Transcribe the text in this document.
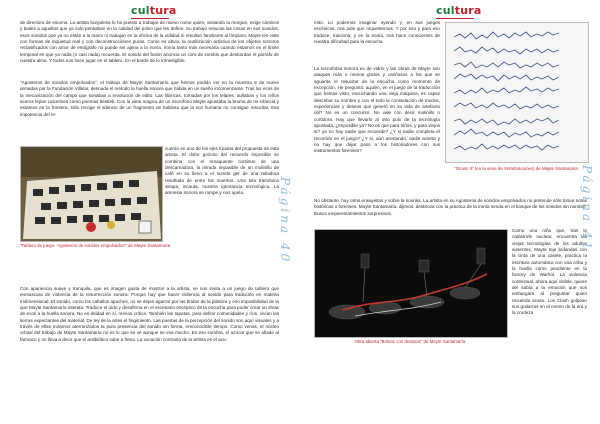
cultura
de directora de escena. La artista burgalesa lo ha puesto a trabajar de nuevo como quien, visitando la morgue, exige cánticos y bailes a aquellos que ya solo pensaban en la calidad del polvo que les define. Su trabajo resucita las cosas en sus sonidos, esos sonidos que ya no están a la mano ni trabajan en la oficina de la utilidad ni resultan familiares al límpiaro. Mayte les viste con formas de inquietud real y con deconstrucciones puras. Como es obvio, la reutilización artística de los objetos sonoros reclasificados con amor de entógrafo no puede ser ajena a la ironía, ironía tanto más necesaria cuando estamos en el límite temporal en que ya nada (o casi nada) recuerda. El sonido del botón anuncia un coro de zombis que desbordan el párrafo de nuestra alma. Y todos nos hace jugar en el tablero. En el borde de lo irrintelígible.
"Agosteros de sonidos empolvados", el trabajo de Mayte Santamaría que hemos podido ver en la muestra 9 de nueve armadas por la Fundación Villalar, desnuda el método la huella sonora que habita en un sueño incomenzante. Tras los ecos de la mecanización del campo que sonaban a revolución de edito. Las fábricas, tornadas por los telares, aullaban y los niños aceros tejían calcetines como poemas bestiek. Con la vieta mágica de un microfono Mayte apuntaba la bruma de mi infancia y estamos en la frontera, sólo recoge el silencio de un fragmento de baldosa que la voz humana no consigue resucitar. Esa impotencia del re-
"Tablero de juego. 'Agosteros de sonidos empolvados'" de Mayte Santamaría
cuerdo en uno de los ejes lúcidos del propuesta de esta artista. El dolor gozoso del recuerdo imposible se combina con el renaquente continuo de una descarnadora, la mirada impasible de un molinillo de café en su lleno a el sonido ger de una reiladora resultada de entre los muertos. Una tela tramónica atrapa, incauta, nuestra ignorancia tecnológica. La amnesia sonora se rompe y nos apela.
Con apariencia suave y tranquila, que es imagen gusta de mostrar a la artista, se nos invita a un juego de tablero que enmascara de violencia de la resurrección sonora. Porque hay que hacer violencia al sonido para traducirlo en materia tridimensional. El sonido, como los caballos apaches, no se dejan agarrar por las bridas de la plástica y eso imposibilidad de la que Mayte Santamaría interato. Traduce el oído y desafirma en el escenario escéptico de la escucha para poder crear un show de ecos a la huella sonora. No es deidad en sí, menos crítica. También las tapatas, para definir comunidades y ríos, vivían las tierras expectantes del material. De ley de la artes el fingimiento. Las puertas de la percepción del sonido son aquí visuales y a través de ellas miramos aterrorizados la pura presencia del sonido sin forma, irreconocible tiempo. Como venas, el núcleo orbital del trabajo de Mayte Santamaría no es lo que se ve aunque se vea mucho. Es eso sombra, el azúcar que se afiade al fármaco y no lleva a decir que el antibiótico sabe a fresa. La vocación contraria de la artista es el acu-
Página 40
cultura
mito. Lo podemos imaginar oyendo y, en sus juegos escénicos, nos pide que orquestemos. Y por eso y para eso traduce, traiciona, y en la ironía, nos hace conscientes de nuestra dificultad para la escucha.
La tecnofobia sonora es de vidrio y las obras de Mayte son ataques más o menos gratos y cariñosos a los que se aguanta el resucitar de la escucha como momento de excepción. He preguntó: aquién, en el juego de la traducción que hemos visto, escuchando una vieja máquina, es capaz descebar su nombre y con el todo la constelación de modos, experiencias y deseos que generó en su vida de artefacto útil? No es un concurso. No vale con decir molinillo o cortidora. Hay que llevarlo al otro polo de la tecnología apostada. ¿Imposible ya? No es que para niños, y para viejos sí? ya no hay nadie que recuerde? ¿Y si nadie completa el recorrido en el juego? ¿Y si, aún acertando, nadie acierta y no hay que dejar paso a los historiadores con sus instrumentos forenses?
"Ocaso II" (en la serie de Vertebraciones) de Mayte Santamaría
No obstante, hay otros ensayistas y sobre la sonrisa. La artista en su Agosteros de sonidos empolvados no pretende sólo tomar notas históricas o forenses. Mayte Santamaría, dijimos, desbroza con la práctica de la ironía senda en el bosque de los sonidos sin nombre. Busca emparentamientos sorpresivos.
Obra abierta "Bolsas con destinos" de Mayte Santamaría
Como una niña que, tras la catástrofe nuclear, encuentra las viejas tecnologías de los adultos ausentes, Mayte teje bufandas con la cinta de una casete, practica la escritura automática con una criba y la huella como pendiente en la factory de Warhol. La violencia contextual, ahora aquí visible, quiere del sabía a la emoción que nos embargará al preguntar quien recuerda acaso. Los Clash golpean sus guitarras en el centro de la era y la crudeza
Página 41
